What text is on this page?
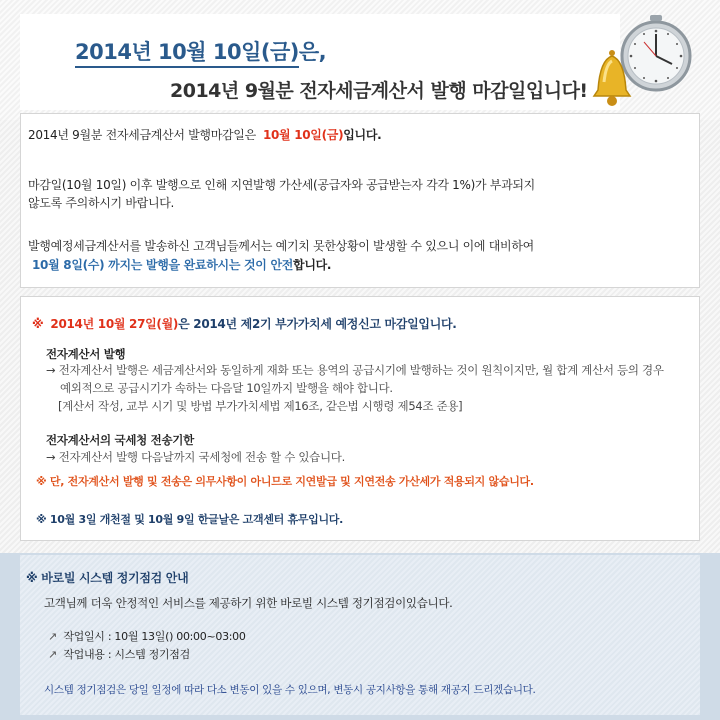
2014년 10월 10일(금)은,
2014년 9월분 전자세금계산서 발행 마감일입니다!
2014년 9월분 전자세금계산서 발행마감일은 10월 10일(금)입니다.
마감일(10월 10일) 이후 발행으로 인해 지연발행 가산세(공급자와 공급받는자 각각 1%)가 부과되지
않도록 주의하시기 바랍니다.
발행예정세금계산서를 발송하신 고객님들께서는 예기치 못한상황이 발생할 수 있으니 이에 대비하여
10월 8일(수) 까지는 발행을 완료하시는 것이 안전합니다.
※ 2014년 10월 27일(월)은 2014년 제2기 부가가치세 예정신고 마감일입니다.
전자계산서 발행
→ 전자계산서 발행은 세금계산서와 동일하게 재화 또는 용역의 공급시기에 발행하는 것이 원칙이지만, 월 합계 계산서 등의 경우
예외적으로 공급시기가 속하는 다음달 10일까지 발행을 해야 합니다.
[계산서 작성, 교부 시기 및 방법 부가가치세법 제16조, 같은법 시행령 제54조 준용]
전자계산서의 국세청 전송기한
→ 전자계산서 발행 다음날까지 국세청에 전송 할 수 있습니다.
※ 단, 전자계산서 발행 및 전송은 의무사항이 아니므로 지연발급 및 지연전송 가산세가 적용되지 않습니다.
※ 10월 3일 개천절 및 10월 9일 한글날은 고객센터 휴무입니다.
※ 바로빌 시스템 정기점검 안내
고객님께 더욱 안정적인 서비스를 제공하기 위한 바로빌 시스템 정기점검이있습니다.
↗ 작업일시 : 10월 13일() 00:00~03:00
↗ 작업내용 : 시스템 정기점검
시스템 정기점검은 당일 일정에 따라 다소 변동이 있을 수 있으며, 변동시 공지사항을 통해 재공지 드리겠습니다.
